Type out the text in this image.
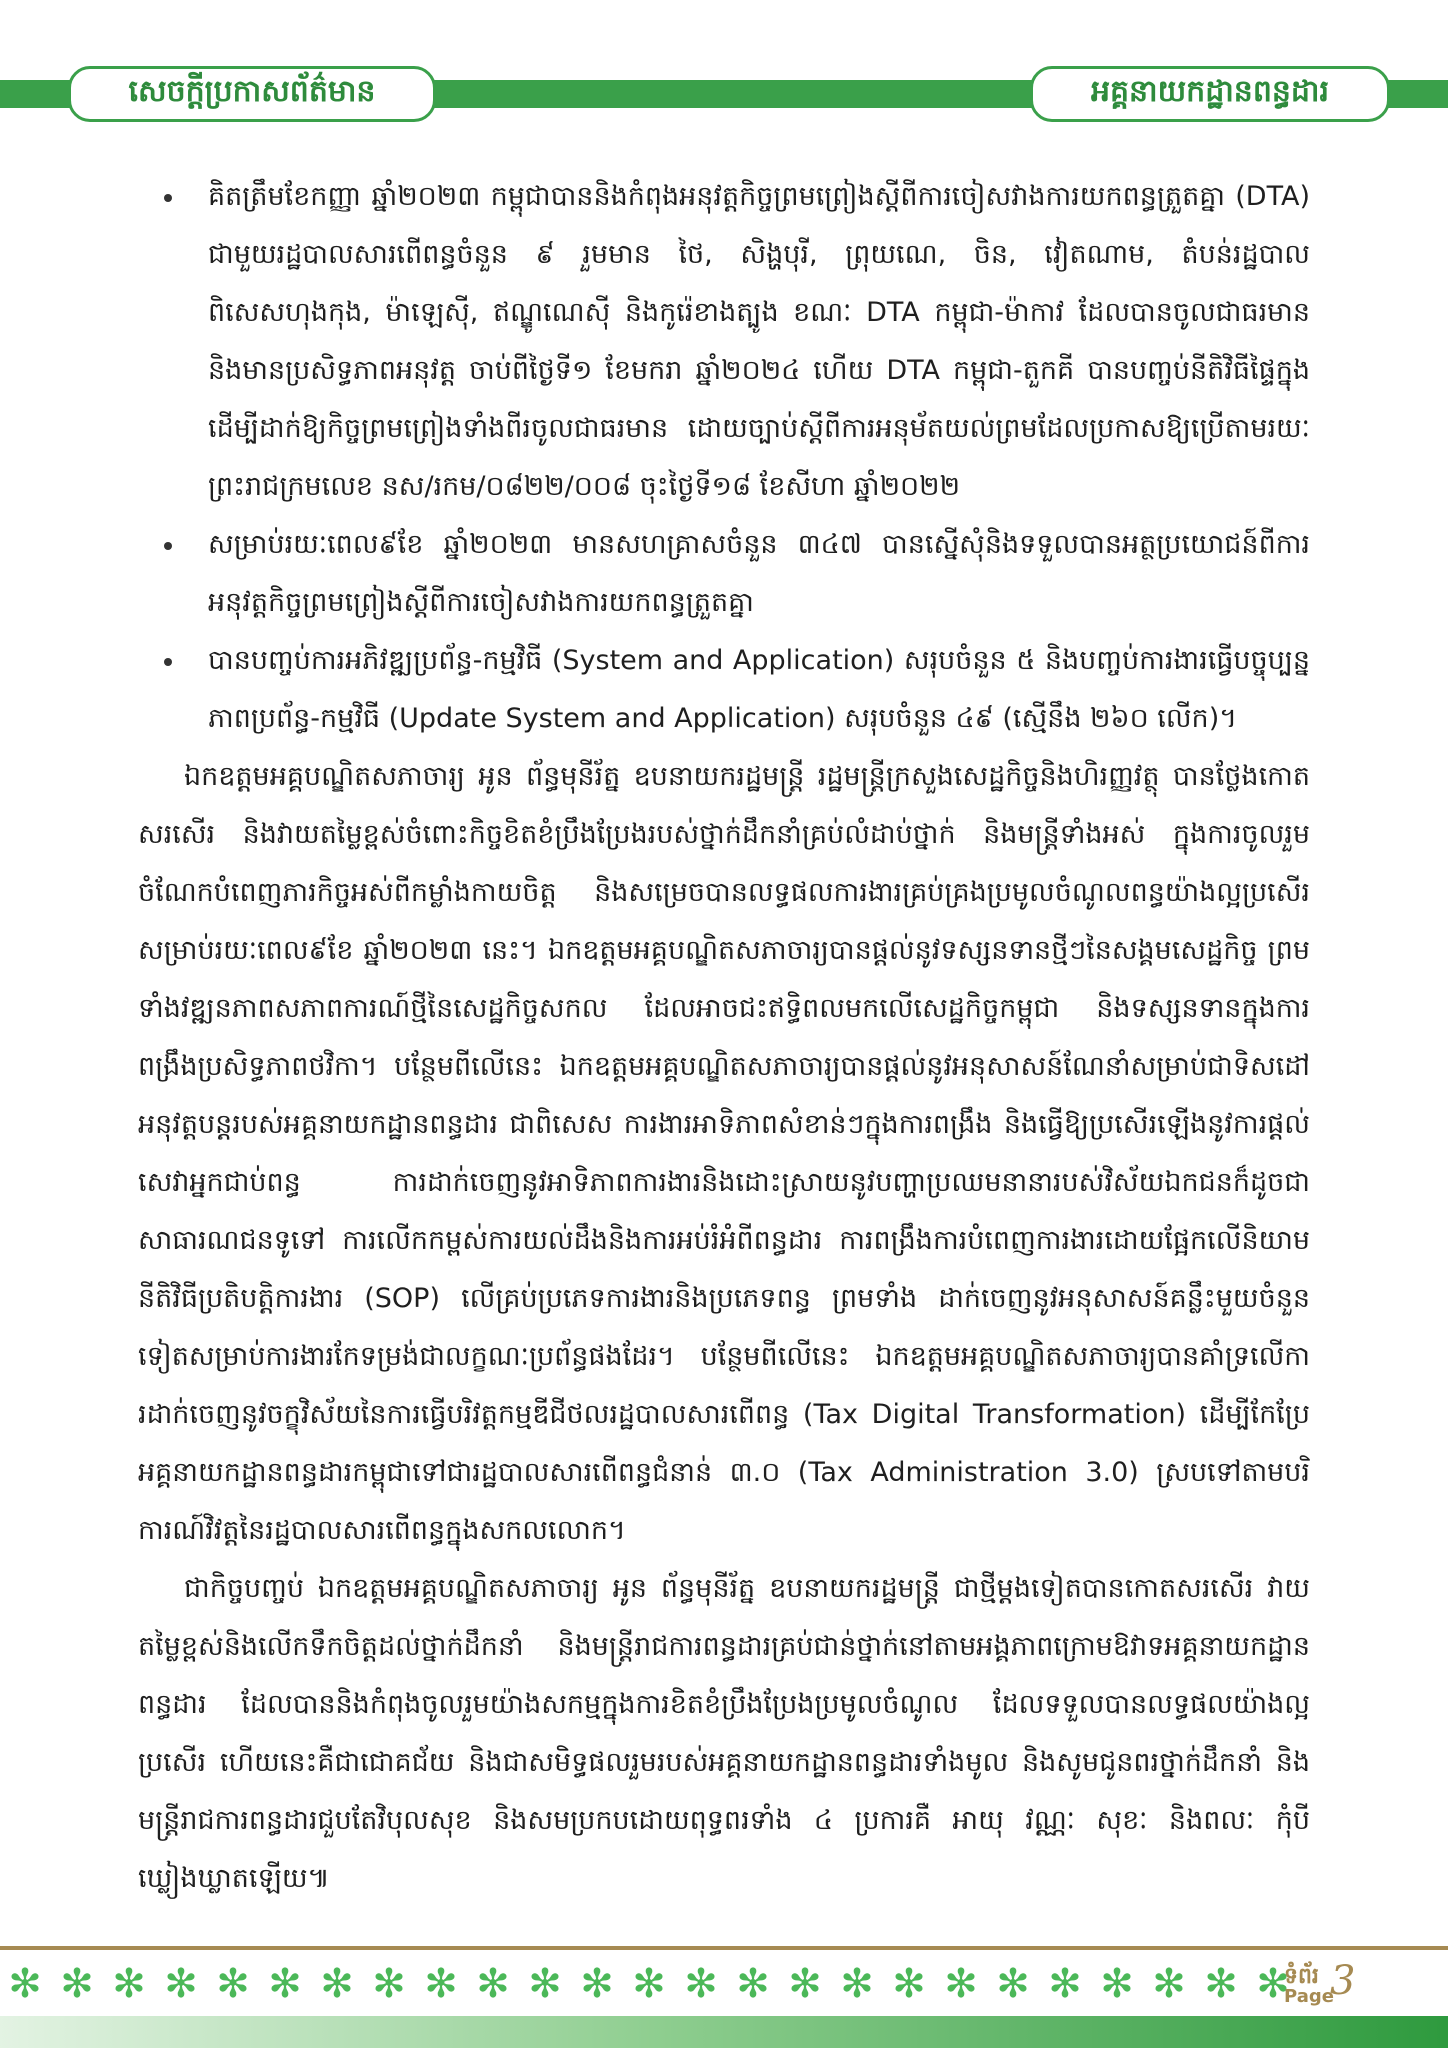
សេចក្តីប្រកាសព័ត៌មាន	អគ្គនាយកដ្ឋានពន្ធដារ
គិតត្រឹមខែកញ្ញា ឆ្នាំ២០២៣ កម្ពុជាបាននិងកំពុងអនុវត្តកិច្ចព្រមព្រៀងស្តីពីការចៀសវាងការយកពន្ធត្រួតគ្នា (DTA) ជាមួយរដ្ឋបាលសារពើពន្ធចំនួន ៩ រួមមាន ថៃ, សិង្ហបុរី, ព្រុយណេ, ចិន, វៀតណាម, តំបន់រដ្ឋបាលពិសេសហុងកុង, ម៉ាឡេស៊ី, ឥណ្ឌូណេស៊ី និងកូរ៉េខាងត្បូង ខណៈ DTA កម្ពុជា-ម៉ាកាវ ដែលបានចូលជាធរមាន និងមានប្រសិទ្ធភាពអនុវត្ត ចាប់ពីថ្ងៃទី១ ខែមករា ឆ្នាំ២០២៤ ហើយ DTA កម្ពុជា-តួកគី បានបញ្ចប់នីតិវិធីផ្ទៃក្នុង ដើម្បីដាក់ឱ្យកិច្ចព្រមព្រៀងទាំងពីរចូលជាធរមាន ដោយច្បាប់ស្តីពីការអនុម័តយល់ព្រមដែលប្រកាសឱ្យប្រើតាមរយៈព្រះរាជក្រមលេខ នស/រកម/០៨២២/០០៨ ចុះថ្ងៃទី១៨ ខែសីហា ឆ្នាំ២០២២
សម្រាប់រយៈពេល៩ខែ ឆ្នាំ២០២៣ មានសហគ្រាសចំនួន ៣៤៧ បានស្នើសុំនិងទទួលបានអត្ថប្រយោជន៍ពីការអនុវត្តកិច្ចព្រមព្រៀងស្តីពីការចៀសវាងការយកពន្ធត្រួតគ្នា
បានបញ្ចប់ការអភិវឌ្ឍប្រព័ន្ធ-កម្មវិធី (System and Application) សរុបចំនួន ៥ និងបញ្ចប់ការងារធ្វើបច្ចុប្បន្នភាពប្រព័ន្ធ-កម្មវិធី (Update System and Application) សរុបចំនួន ៤៩ (ស្មើនឹង ២៦០ លើក)។

ឯកឧត្តមអគ្គបណ្ឌិតសភាចារ្យ អូន ព័ន្ធមុនីរ័ត្ន ឧបនាយករដ្ឋមន្ត្រី រដ្ឋមន្ត្រីក្រសួងសេដ្ឋកិច្ចនិងហិរញ្ញវត្ថុ បានថ្លែងកោតសរសើរ និងវាយតម្លៃខ្ពស់ចំពោះកិច្ចខិតខំប្រឹងប្រែងរបស់ថ្នាក់ដឹកនាំគ្រប់លំដាប់ថ្នាក់ និងមន្ត្រីទាំងអស់ ក្នុងការចូលរួមចំណែកបំពេញភារកិច្ចអស់ពីកម្លាំងកាយចិត្ត និងសម្រេចបានលទ្ធផលការងារគ្រប់គ្រងប្រមូលចំណូលពន្ធយ៉ាងល្អប្រសើរសម្រាប់រយៈពេល៩ខែ ឆ្នាំ២០២៣ នេះ។ ឯកឧត្តមអគ្គបណ្ឌិតសភាចារ្យបានផ្តល់នូវទស្សនទានថ្មីៗនៃសង្គមសេដ្ឋកិច្ច ព្រមទាំងវឌ្ឍនភាពសភាពការណ៍ថ្មីនៃសេដ្ឋកិច្ចសកល ដែលអាចជះឥទ្ធិពលមកលើសេដ្ឋកិច្ចកម្ពុជា និងទស្សនទានក្នុងការពង្រឹងប្រសិទ្ធភាពថវិកា។ បន្ថែមពីលើនេះ ឯកឧត្តមអគ្គបណ្ឌិតសភាចារ្យបានផ្តល់នូវអនុសាសន៍ណែនាំសម្រាប់ជាទិសដៅអនុវត្តបន្តរបស់អគ្គនាយកដ្ឋានពន្ធដារ ជាពិសេស ការងារអាទិភាពសំខាន់ៗក្នុងការពង្រឹង និងធ្វើឱ្យប្រសើរឡើងនូវការផ្តល់សេវាអ្នកជាប់ពន្ធ ការដាក់ចេញនូវអាទិភាពការងារនិងដោះស្រាយនូវបញ្ហាប្រឈមនានារបស់វិស័យឯកជនក៏ដូចជាសាធារណជនទូទៅ ការលើកកម្ពស់ការយល់ដឹងនិងការអប់រំអំពីពន្ធដារ ការពង្រឹងការបំពេញការងារដោយផ្អែកលើនិយាមនីតិវិធីប្រតិបត្តិការងារ (SOP) លើគ្រប់ប្រភេទការងារនិងប្រភេទពន្ធ ព្រមទាំង ដាក់ចេញនូវអនុសាសន៍គន្លឹះមួយចំនួនទៀតសម្រាប់ការងារកែទម្រង់ជាលក្ខណៈប្រព័ន្ធផងដែរ។ បន្ថែមពីលើនេះ ឯកឧត្តមអគ្គបណ្ឌិតសភាចារ្យបានគាំទ្រលើការដាក់ចេញនូវចក្ខុវិស័យនៃការធ្វើបរិវត្តកម្មឌីជីថលរដ្ឋបាលសារពើពន្ធ (Tax Digital Transformation) ដើម្បីកែប្រែអគ្គនាយកដ្ឋានពន្ធដារកម្ពុជាទៅជារដ្ឋបាលសារពើពន្ធជំនាន់ ៣.០ (Tax Administration 3.0) ស្របទៅតាមបរិការណ៍វិវត្តនៃរដ្ឋបាលសារពើពន្ធក្នុងសកលលោក។

ជាកិច្ចបញ្ចប់ ឯកឧត្តមអគ្គបណ្ឌិតសភាចារ្យ អូន ព័ន្ធមុនីរ័ត្ន ឧបនាយករដ្ឋមន្ត្រី ជាថ្មីម្តងទៀតបានកោតសរសើរ វាយតម្លៃខ្ពស់និងលើកទឹកចិត្តដល់ថ្នាក់ដឹកនាំ និងមន្ត្រីរាជការពន្ធដារគ្រប់ជាន់ថ្នាក់នៅតាមអង្គភាពក្រោមឱវាទអគ្គនាយកដ្ឋានពន្ធដារ ដែលបាននិងកំពុងចូលរួមយ៉ាងសកម្មក្នុងការខិតខំប្រឹងប្រែងប្រមូលចំណូល ដែលទទួលបានលទ្ធផលយ៉ាងល្អប្រសើរ ហើយនេះគឺជាជោគជ័យ និងជាសមិទ្ធផលរួមរបស់អគ្គនាយកដ្ឋានពន្ធដារទាំងមូល និងសូមជូនពរថ្នាក់ដឹកនាំ និងមន្ត្រីរាជការពន្ធដារជួបតែវិបុលសុខ និងសមប្រកបដោយពុទ្ធពរទាំង ៤ ប្រការគឺ អាយុ វណ្ណៈ សុខៈ និងពលៈ កុំបីឃ្លៀងឃ្លាតឡើយ៕

✻ ✻ ✻ ✻ ✻ ✻ ✻ ✻ ✻ ✻ ✻ ✻ ✻ ✻ ✻ ✻ ✻ ✻ ✻ ✻ ✻ ✻ ✻ ✻ ✻
ទំព័រ
Page
3
